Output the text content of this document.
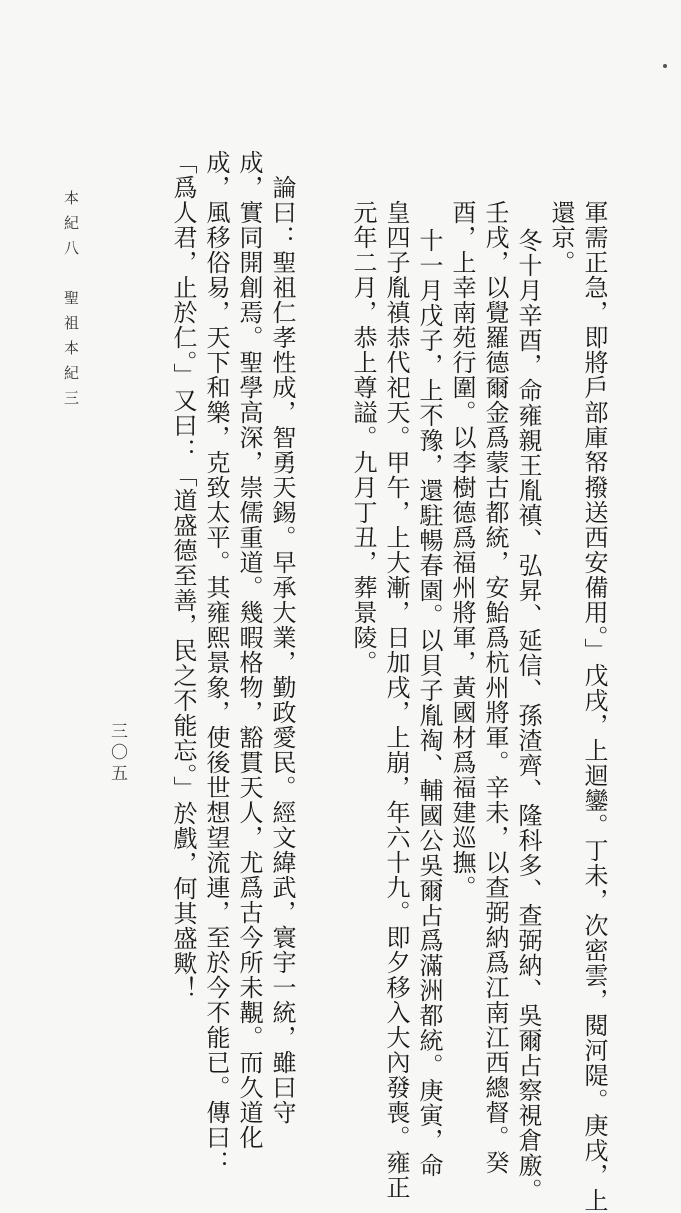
軍需正急，即將戶部庫帑撥送西安備用。」戊戌，上迴鑾。丁未，次密雲，閱河隄。庚戌，上
還京。
冬十月辛酉，命雍親王胤禛、弘昇、延信、孫渣齊、隆科多、查弼納、吳爾占察視倉廒。
壬戌，以覺羅德爾金爲蒙古都統，安鮐爲杭州將軍。辛未，以查弼納爲江南江西總督。癸
酉，上幸南苑行圍。以李樹德爲福州將軍，黃國材爲福建巡撫。
十一月戊子，上不豫，還駐暢春園。以貝子胤祹、輔國公吳爾占爲滿洲都統。庚寅，命
皇四子胤禛恭代祀天。甲午，上大漸，日加戌，上崩，年六十九。即夕移入大內發喪。雍正
元年二月，恭上尊謚。九月丁丑，葬景陵。
論曰：聖祖仁孝性成，智勇天錫。早承大業，勤政愛民。經文緯武，寰宇一統，雖曰守
成，實同開創焉。聖學高深，崇儒重道。幾暇格物，豁貫天人，尤爲古今所未覯。而久道化
成，風移俗易，天下和樂，克致太平。其雍熙景象，使後世想望流連，至於今不能已。傳曰：
「爲人君，止於仁。」又曰：「道盛德至善，民之不能忘。」於戲，何其盛歟！
本紀八　聖祖本紀三
三〇五
